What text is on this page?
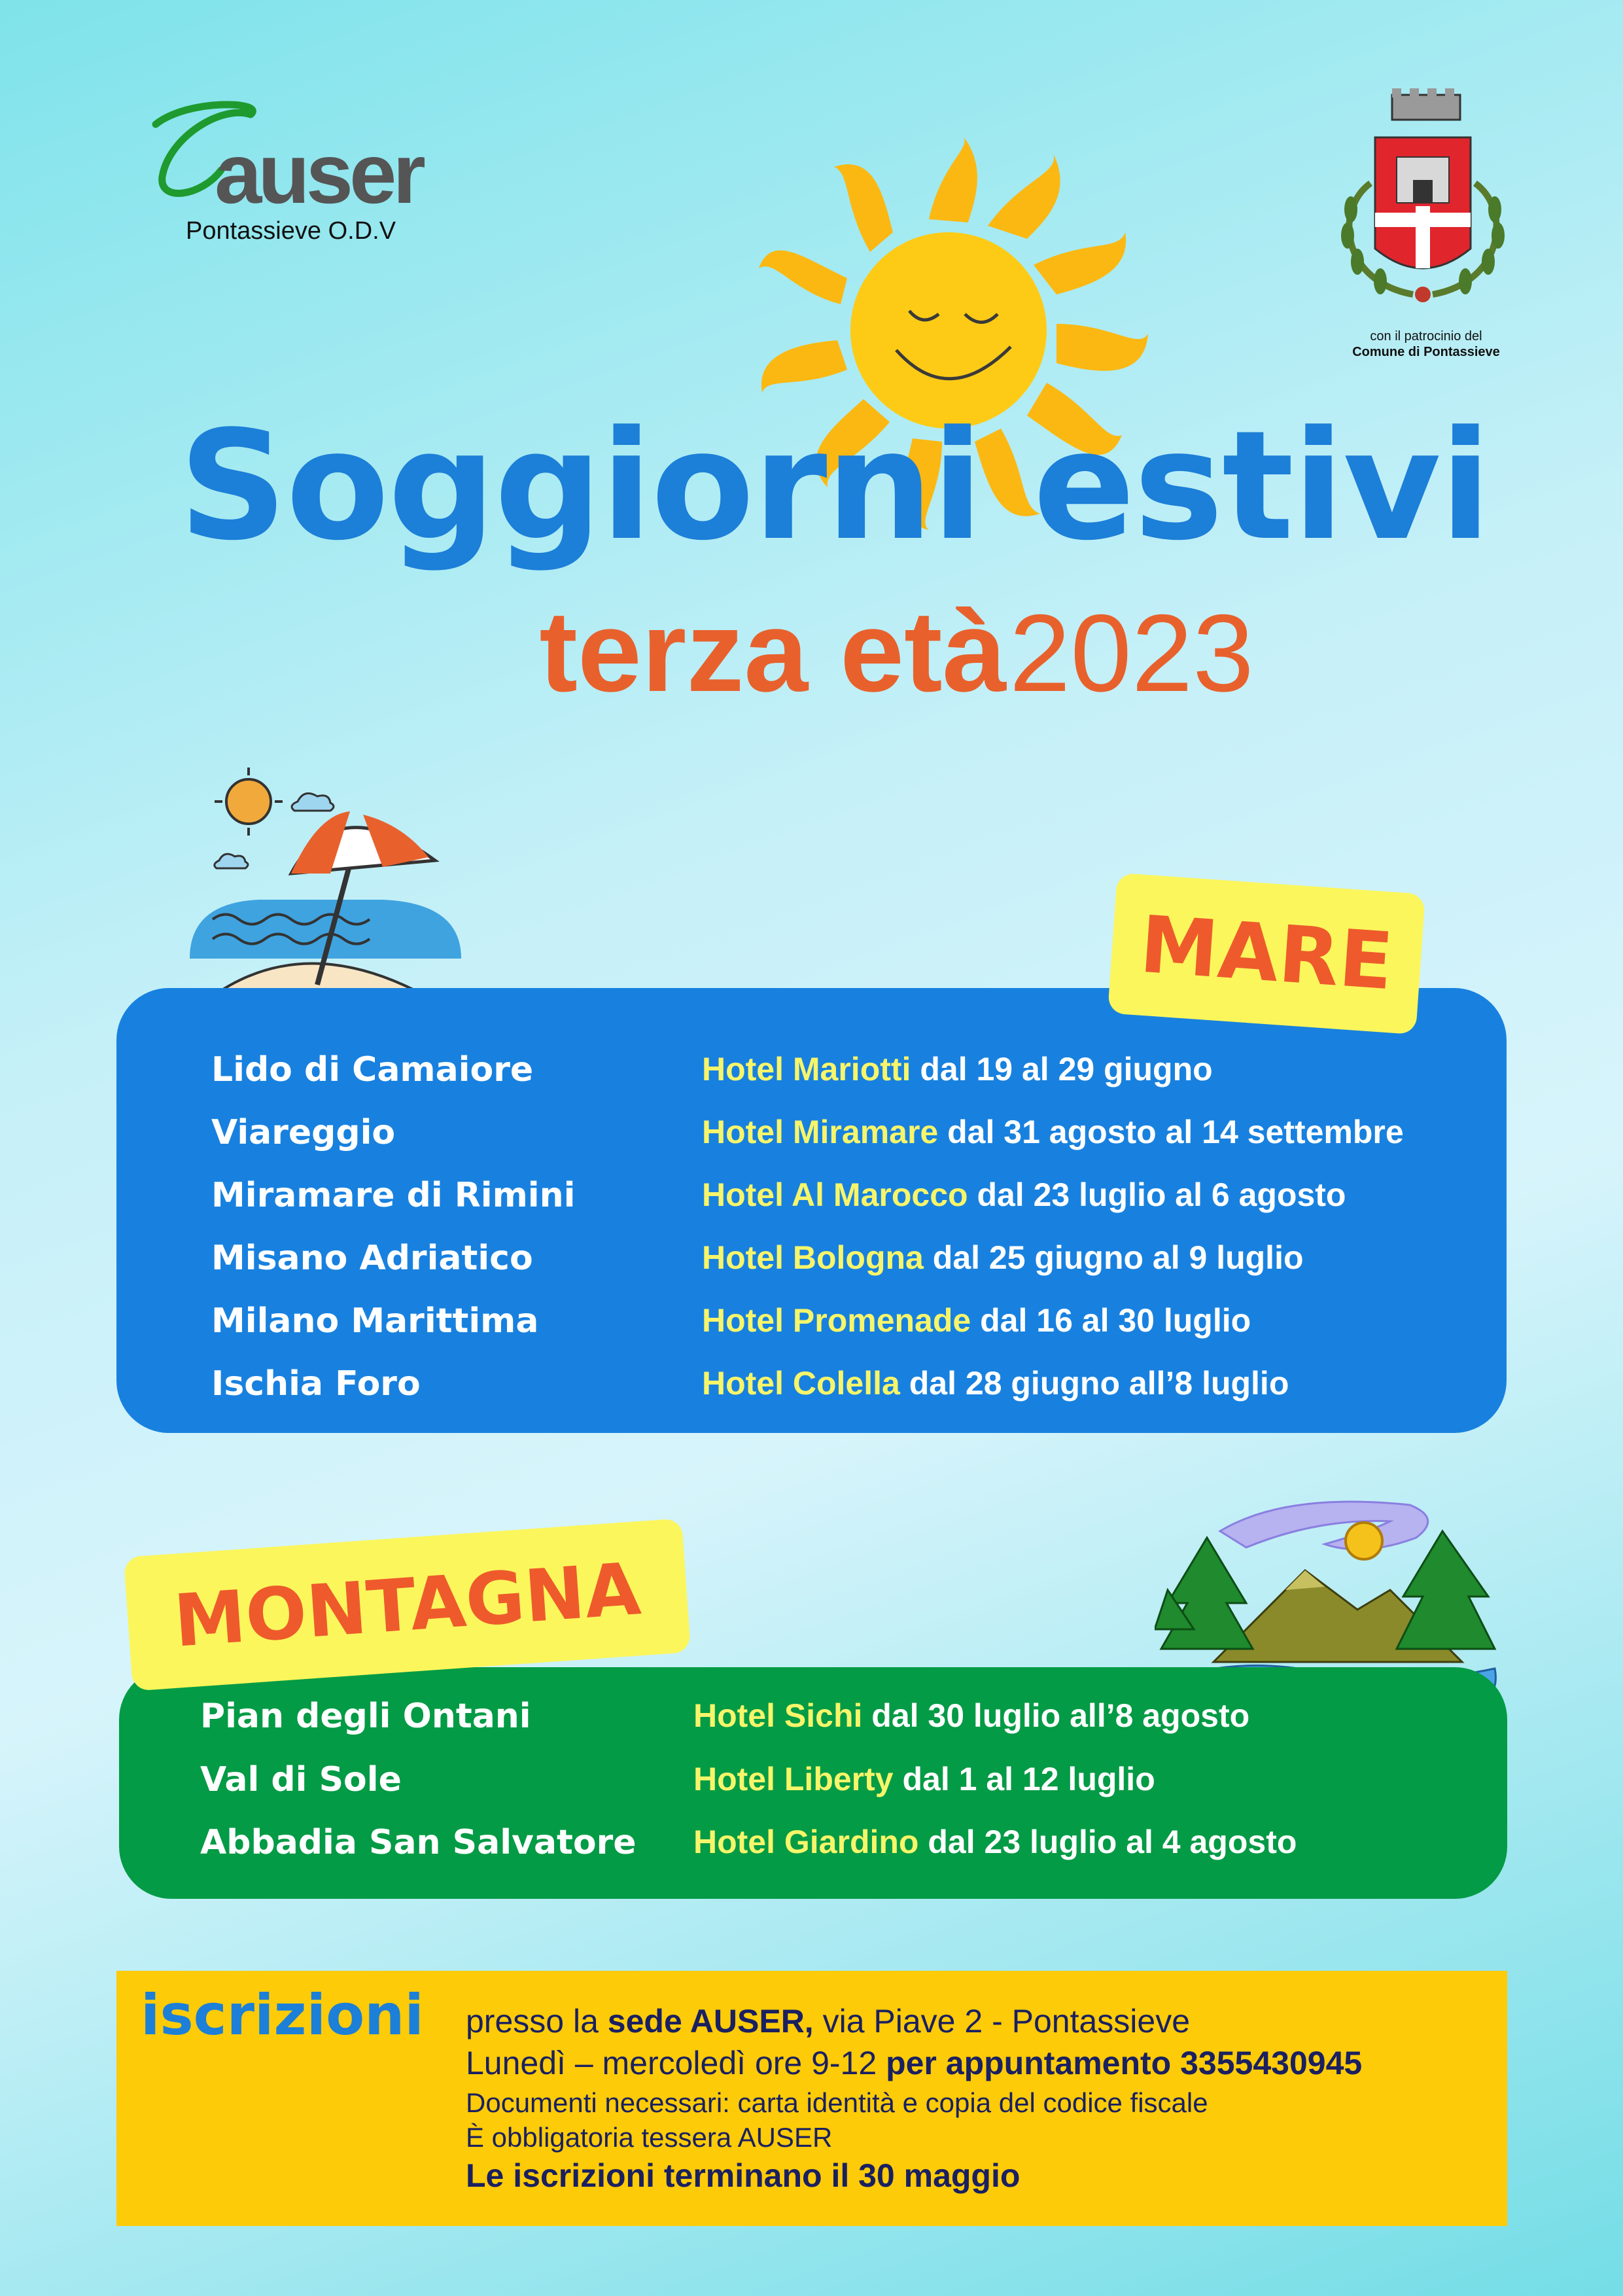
auser
Pontassieve O.D.V
con il patrocinio del
Comune di Pontassieve
Soggiorni estivi
terza età 2023
Lido di Camaiore	Hotel Mariotti dal 19 al 29 giugno
Viareggio	Hotel Miramare dal 31 agosto al 14 settembre
Miramare di Rimini	Hotel Al Marocco dal 23 luglio al 6 agosto
Misano Adriatico	Hotel Bologna dal 25 giugno al 9 luglio
Milano Marittima	Hotel Promenade dal 16 al 30 luglio
Ischia Foro	Hotel Colella dal 28 giugno all’8 luglio
MARE
Pian degli Ontani	Hotel Sichi dal 30 luglio all’8 agosto
Val di Sole	Hotel Liberty dal 1 al 12 luglio
Abbadia San Salvatore Hotel Giardino dal 23 luglio al 4 agosto
MONTAGNA
iscrizioni presso la sede AUSER, via Piave 2 - Pontassieve
Lunedì – mercoledì ore 9-12 per appuntamento 3355430945
Documenti necessari: carta identità e copia del codice fiscale
È obbligatoria tessera AUSER
Le iscrizioni terminano il 30 maggio
